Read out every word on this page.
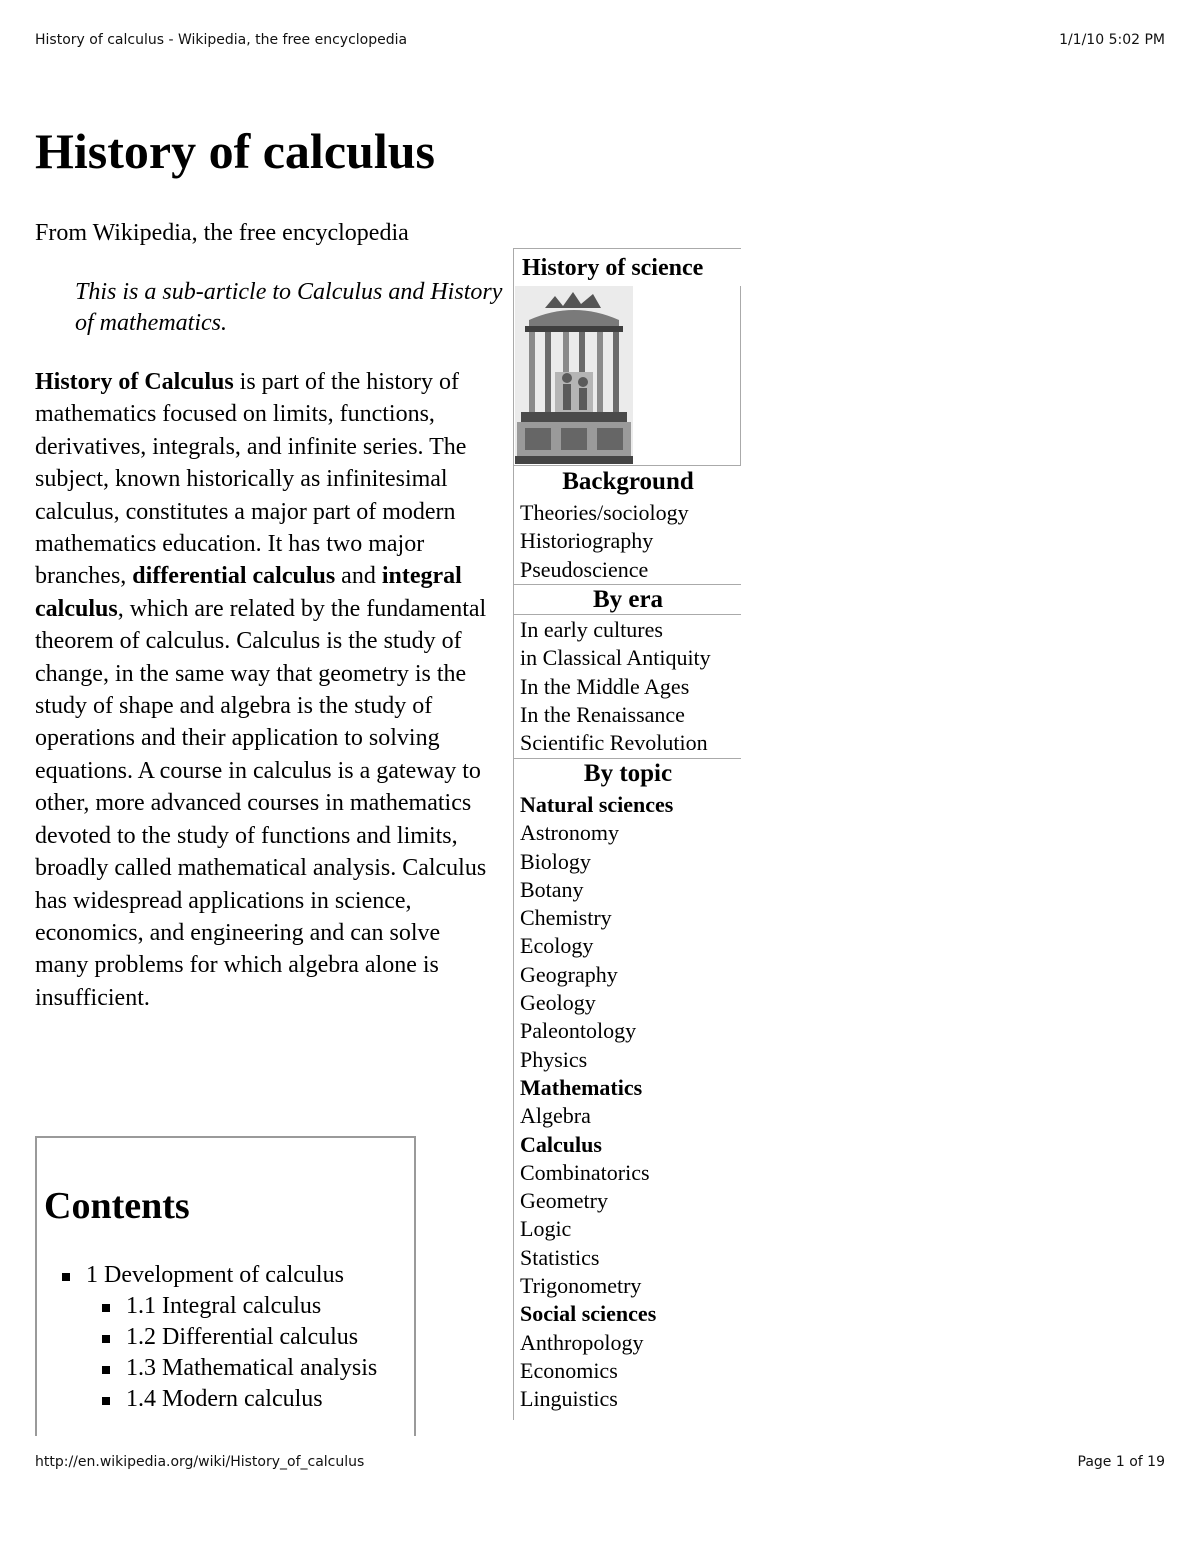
History of calculus - Wikipedia, the free encyclopedia	1/1/10 5:02 PM
http://en.wikipedia.org/wiki/History_of_calculus	Page 1 of 19
History of calculus
From Wikipedia, the free encyclopedia
This is a sub-article to Calculus and History of mathematics.

History of Calculus is part of the history of mathematics focused on limits, functions, derivatives, integrals, and infinite series. The subject, known historically as infinitesimal calculus, constitutes a major part of modern mathematics education. It has two major branches, differential calculus and integral calculus, which are related by the fundamental theorem of calculus. Calculus is the study of change, in the same way that geometry is the study of shape and algebra is the study of operations and their application to solving equations. A course in calculus is a gateway to other, more advanced courses in mathematics devoted to the study of functions and limits, broadly called mathematical analysis. Calculus has widespread applications in science, economics, and engineering and can solve many problems for which algebra alone is insufficient.

Contents
1 Development of calculus
1.1 Integral calculus
1.2 Differential calculus
1.3 Mathematical analysis
1.4 Modern calculus
History of science
Background
Theories/sociology
Historiography
Pseudoscience
By era
In early cultures
in Classical Antiquity
In the Middle Ages
In the Renaissance
Scientific Revolution
By topic
Natural sciences
Astronomy
Biology
Botany
Chemistry
Ecology
Geography
Geology
Paleontology
Physics
Mathematics
Algebra
Calculus
Combinatorics
Geometry
Logic
Statistics
Trigonometry
Social sciences
Anthropology
Economics
Linguistics
